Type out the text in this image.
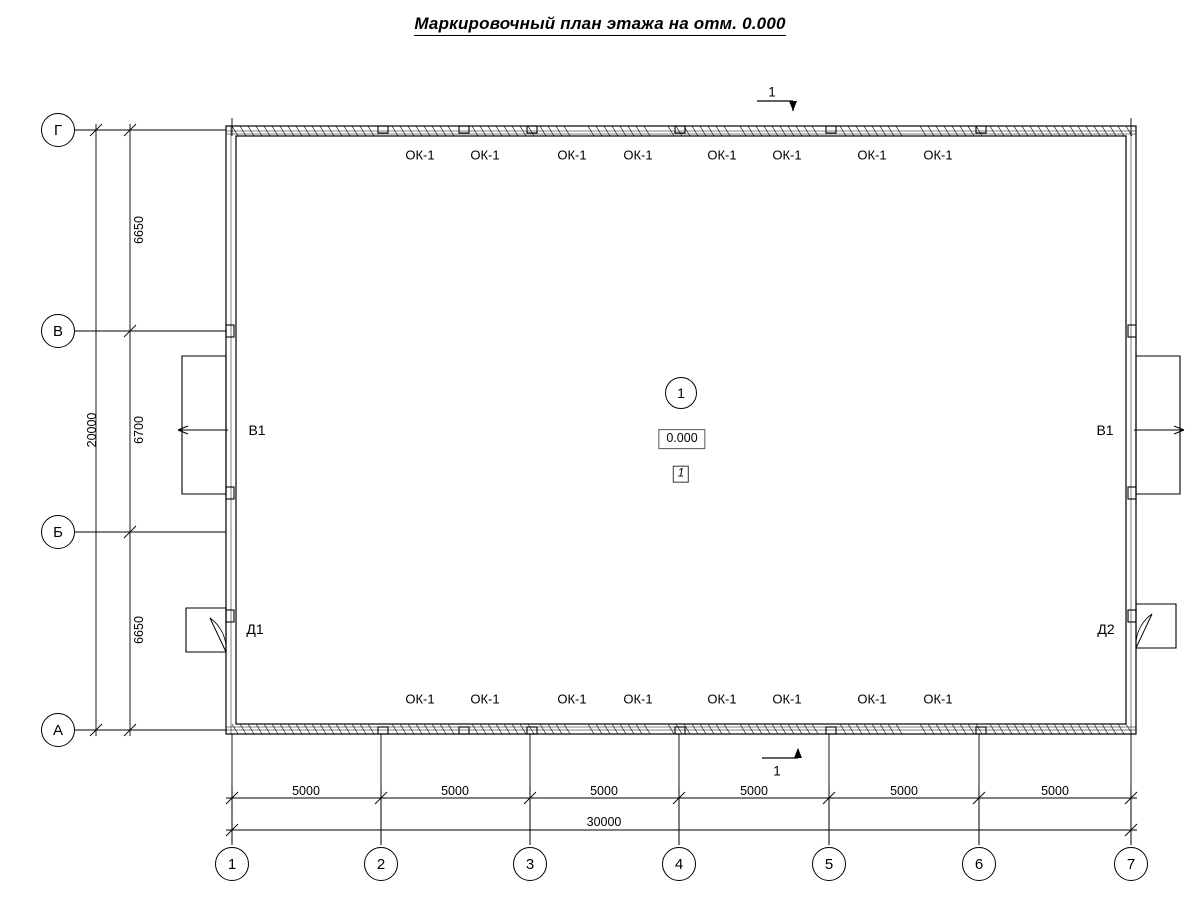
Маркировочный план этажа на отм. 0.000
Г
В
Б
А
1	2	3	4	5	6	7
1
0.000
1
1
1
ОК-1	ОК-1	ОК-1	ОК-1	ОК-1	ОК-1	ОК-1	ОК-1
ОК-1	ОК-1	ОК-1	ОК-1	ОК-1	ОК-1	ОК-1	ОК-1
В1	В1
Д1	Д2
6650
6700
6650
20000
5000	5000	5000	5000	5000	5000
30000
